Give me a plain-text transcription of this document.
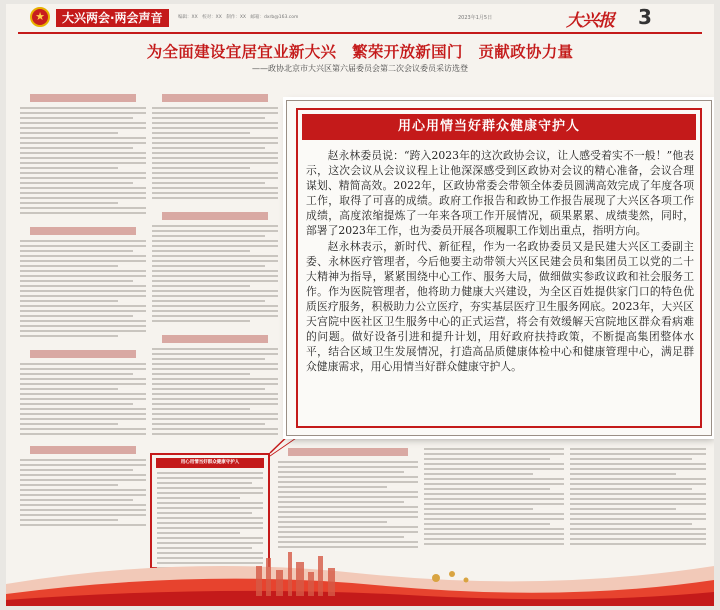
★	大兴两会·两会声音	编辑：XX　校对：XX　制作：XX　邮箱：dxrb@163.com	2023年1月5日	大兴报 3
为全面建设宜居宜业新大兴　繁荣开放新国门　贡献政协力量
——政协北京市大兴区第六届委员会第二次会议委员采访选登
用心用情当好群众健康守护人
用心用情当好群众健康守护人

赵永林委员说：“跨入2023年的这次政协会议，让人感受着实不一般！”他表示，这次会议从会议议程上让他深深感受到区政协对会议的精心准备，会议合理谋划、精简高效。2022年，区政协常委会带领全体委员圆满高效完成了年度各项工作，取得了可喜的成绩。政府工作报告和政协工作报告展现了大兴区各项工作成绩，高度浓缩提炼了一年来各项工作开展情况，硕果累累、成绩斐然，同时，部署了2023年工作，也为委员开展各项履职工作划出重点，指明方向。

赵永林表示，新时代、新征程，作为一名政协委员又是民建大兴区工委副主委、永林医疗管理者，今后他要主动带领大兴区民建会员和集团员工以党的二十大精神为指导，紧紧围绕中心工作、服务大局，做细做实参政议政和社会服务工作。作为医院管理者，他将助力健康大兴建设，为全区百姓提供家门口的特色优质医疗服务，积极助力公立医疗，夯实基层医疗卫生服务网底。2023年，大兴区天宫院中医社区卫生服务中心的正式运营，将会有效缓解天宫院地区群众看病难的问题。做好设备引进和提升计划，用好政府扶持政策，不断提高集团整体水平，结合区域卫生发展情况，打造高品质健康体检中心和健康管理中心，满足群众健康需求，用心用情当好群众健康守护人。
